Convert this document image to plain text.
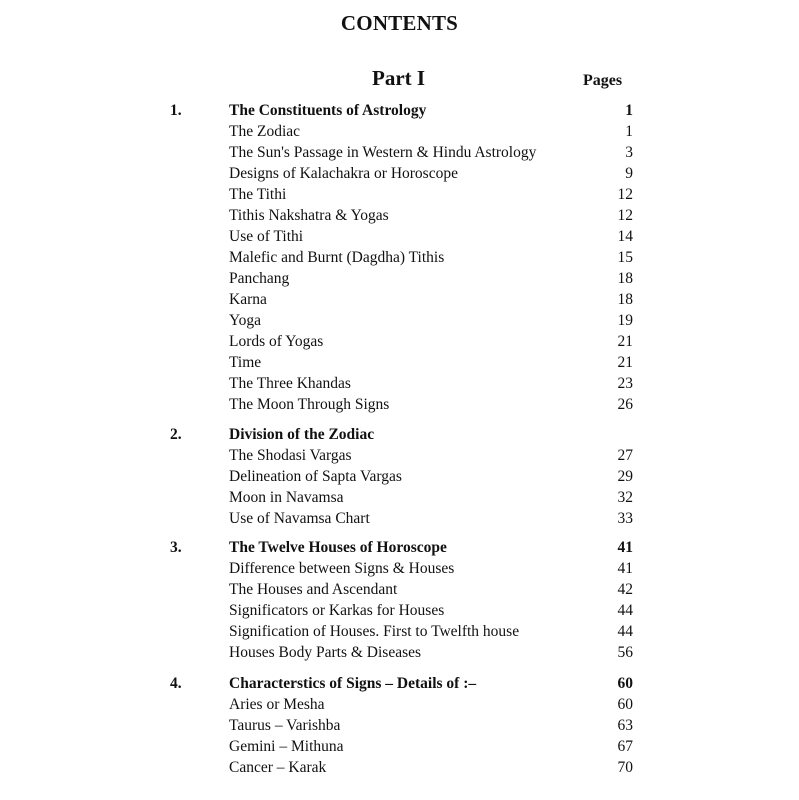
CONTENTS
Part I	Pages
1.	The Constituents of Astrology	1
The Zodiac	1
The Sun's Passage in Western & Hindu Astrology	3
Designs of Kalachakra or Horoscope	9
The Tithi	12
Tithis Nakshatra & Yogas	12
Use of Tithi	14
Malefic and Burnt (Dagdha) Tithis	15
Panchang	18
Karna	18
Yoga	19
Lords of Yogas	21
Time	21
The Three Khandas	23
The Moon Through Signs	26
2.	Division of the Zodiac
The Shodasi Vargas	27
Delineation of Sapta Vargas	29
Moon in Navamsa	32
Use of Navamsa Chart	33
3.	The Twelve Houses of Horoscope	41
Difference between Signs & Houses	41
The Houses and Ascendant	42
Significators or Karkas for Houses	44
Signification of Houses. First to Twelfth house	44
Houses Body Parts & Diseases	56
4.	Characterstics of Signs – Details of :–	60
Aries or Mesha	60
Taurus – Varishba	63
Gemini – Mithuna	67
Cancer – Karak	70
